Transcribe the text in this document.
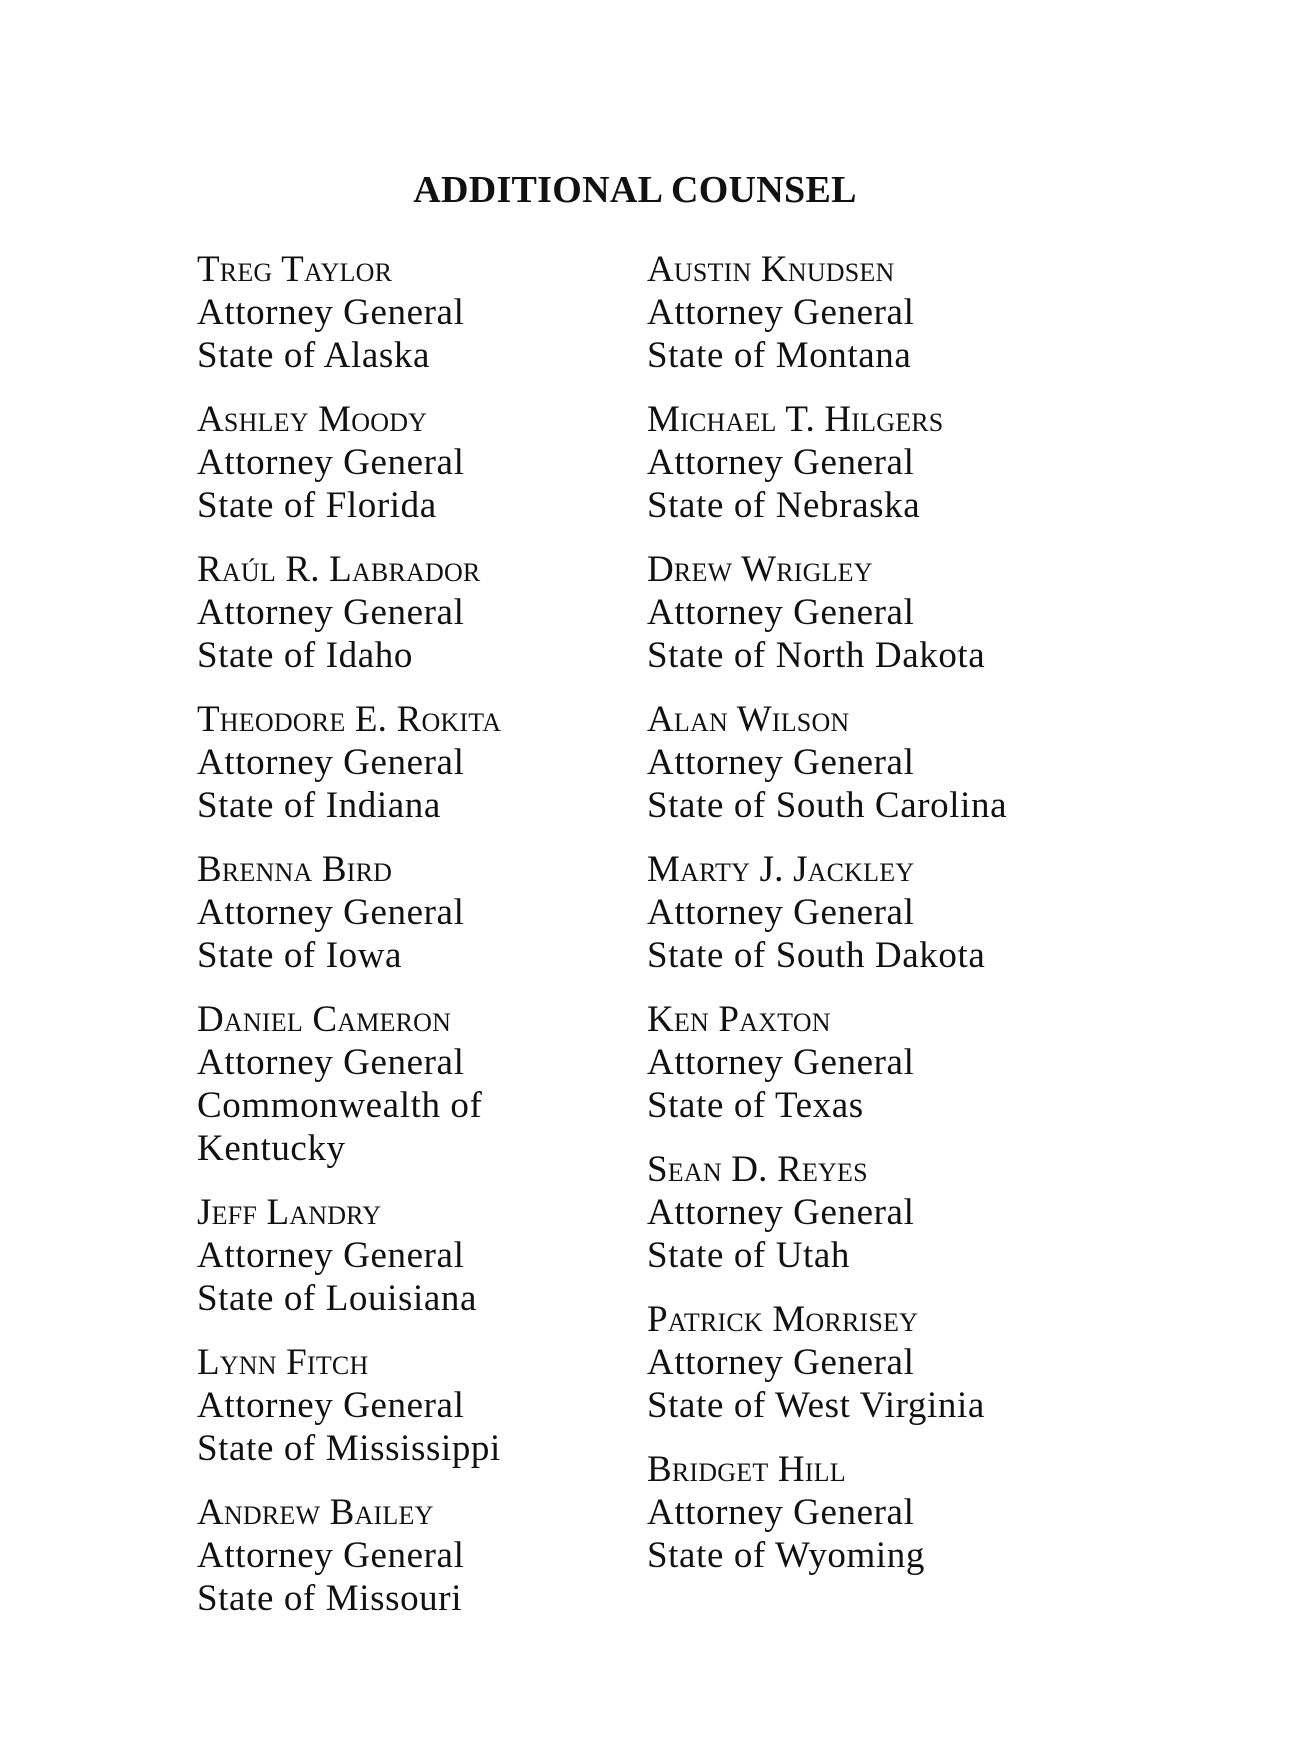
ADDITIONAL COUNSEL
Treg Taylor
Attorney General
State of Alaska
Ashley Moody
Attorney General
State of Florida
Raúl R. Labrador
Attorney General
State of Idaho
Theodore E. Rokita
Attorney General
State of Indiana
Brenna Bird
Attorney General
State of Iowa
Daniel Cameron
Attorney General
Commonwealth of
Kentucky
Jeff Landry
Attorney General
State of Louisiana
Lynn Fitch
Attorney General
State of Mississippi
Andrew Bailey
Attorney General
State of Missouri
Austin Knudsen
Attorney General
State of Montana
Michael T. Hilgers
Attorney General
State of Nebraska
Drew Wrigley
Attorney General
State of North Dakota
Alan Wilson
Attorney General
State of South Carolina
Marty J. Jackley
Attorney General
State of South Dakota
Ken Paxton
Attorney General
State of Texas
Sean D. Reyes
Attorney General
State of Utah
Patrick Morrisey
Attorney General
State of West Virginia
Bridget Hill
Attorney General
State of Wyoming
